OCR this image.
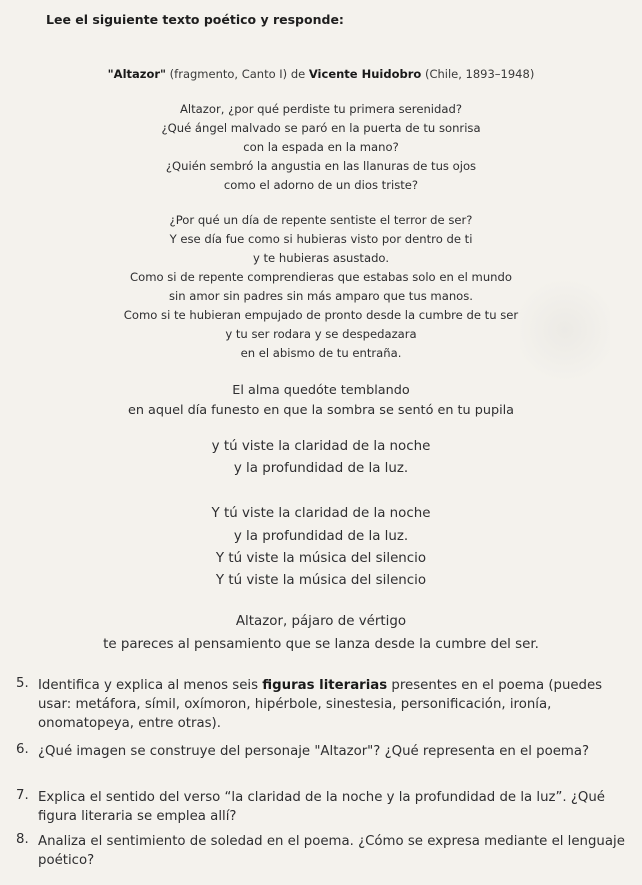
Lee el siguiente texto poético y responde:
"Altazor" (fragmento, Canto I) de Vicente Huidobro (Chile, 1893–1948)
Altazor, ¿por qué perdiste tu primera serenidad?
¿Qué ángel malvado se paró en la puerta de tu sonrisa
con la espada en la mano?
¿Quién sembró la angustia en las llanuras de tus ojos
como el adorno de un dios triste?
¿Por qué un día de repente sentiste el terror de ser?
Y ese día fue como si hubieras visto por dentro de ti
y te hubieras asustado.
Como si de repente comprendieras que estabas solo en el mundo
sin amor sin padres sin más amparo que tus manos.
Como si te hubieran empujado de pronto desde la cumbre de tu ser
y tu ser rodara y se despedazara
en el abismo de tu entraña.
El alma quedóte temblando
en aquel día funesto en que la sombra se sentó en tu pupila
y tú viste la claridad de la noche
y la profundidad de la luz.
Y tú viste la claridad de la noche
y la profundidad de la luz.
Y tú viste la música del silencio
Y tú viste la música del silencio
Altazor, pájaro de vértigo
te pareces al pensamiento que se lanza desde la cumbre del ser.
5. Identifica y explica al menos seis figuras literarias presentes en el poema (puedes usar: metáfora, símil, oxímoron, hipérbole, sinestesia, personificación, ironía, onomatopeya, entre otras).
6. ¿Qué imagen se construye del personaje "Altazor"? ¿Qué representa en el poema?
7. Explica el sentido del verso “la claridad de la noche y la profundidad de la luz”. ¿Qué figura literaria se emplea allí?
8. Analiza el sentimiento de soledad en el poema. ¿Cómo se expresa mediante el lenguaje poético?
